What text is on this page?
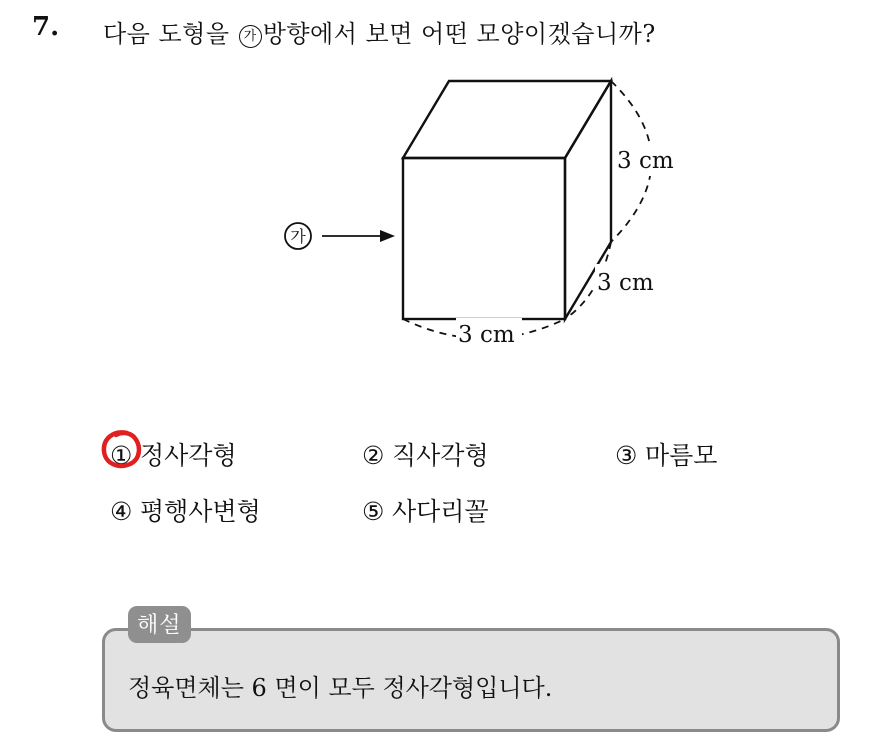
7. 다음 도형을 가 방향에서 보면 어떤 모양이겠습니까?
3 cm
3 cm
3 cm
가
① 정사각형	② 직사각형	③ 마름모
④ 평행사변형	⑤ 사다리꼴
해설
정육면체는 6 면이 모두 정사각형입니다.
